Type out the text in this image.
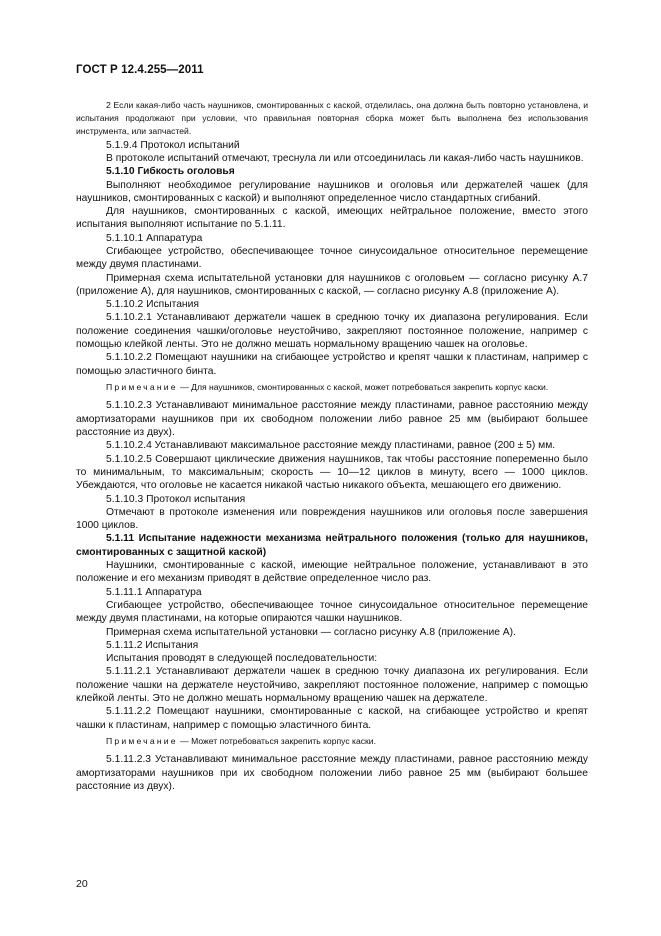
ГОСТ Р 12.4.255—2011

2 Если какая-либо часть наушников, смонтированных с каской, отделилась, она должна быть повторно установлена, и испытания продолжают при условии, что правильная повторная сборка может быть выполнена без использования инструмента, или запчастей.

5.1.9.4 Протокол испытаний

В протоколе испытаний отмечают, треснула ли или отсоединилась ли какая-либо часть наушников.

5.1.10 Гибкость оголовья

Выполняют необходимое регулирование наушников и оголовья или держателей чашек (для наушников, смонтированных с каской) и выполняют определенное число стандартных сгибаний.

Для наушников, смонтированных с каской, имеющих нейтральное положение, вместо этого испытания выполняют испытание по 5.1.11.

5.1.10.1 Аппаратура

Сгибающее устройство, обеспечивающее точное синусоидальное относительное перемещение между двумя пластинами.

Примерная схема испытательной установки для наушников с оголовьем — согласно рисунку А.7 (приложение А), для наушников, смонтированных с каской, — согласно рисунку А.8 (приложение А).

5.1.10.2 Испытания

5.1.10.2.1 Устанавливают держатели чашек в среднюю точку их диапазона регулирования. Если положение соединения чашки/оголовье неустойчиво, закрепляют постоянное положение, например с помощью клейкой ленты. Это не должно мешать нормальному вращению чашек на оголовье.

5.1.10.2.2 Помещают наушники на сгибающее устройство и крепят чашки к пластинам, например с помощью эластичного бинта.

Примечание — Для наушников, смонтированных с каской, может потребоваться закрепить корпус каски.

5.1.10.2.3 Устанавливают минимальное расстояние между пластинами, равное расстоянию между амортизаторами наушников при их свободном положении либо равное 25 мм (выбирают большее расстояние из двух).

5.1.10.2.4 Устанавливают максимальное расстояние между пластинами, равное (200 ± 5) мм.

5.1.10.2.5 Совершают циклические движения наушников, так чтобы расстояние попеременно было то минимальным, то максимальным; скорость — 10—12 циклов в минуту, всего — 1000 циклов. Убеждаются, что оголовье не касается никакой частью никакого объекта, мешающего его движению.

5.1.10.3 Протокол испытания

Отмечают в протоколе изменения или повреждения наушников или оголовья после завершения 1000 циклов.

5.1.11 Испытание надежности механизма нейтрального положения (только для наушников, смонтированных с защитной каской)

Наушники, смонтированные с каской, имеющие нейтральное положение, устанавливают в это положение и его механизм приводят в действие определенное число раз.

5.1.11.1 Аппаратура

Сгибающее устройство, обеспечивающее точное синусоидальное относительное перемещение между двумя пластинами, на которые опираются чашки наушников.

Примерная схема испытательной установки — согласно рисунку А.8 (приложение А).

5.1.11.2 Испытания

Испытания проводят в следующей последовательности:

5.1.11.2.1 Устанавливают держатели чашек в среднюю точку диапазона их регулирования. Если положение чашки на держателе неустойчиво, закрепляют постоянное положение, например с помощью клейкой ленты. Это не должно мешать нормальному вращению чашек на держателе.

5.1.11.2.2 Помещают наушники, смонтированные с каской, на сгибающее устройство и крепят чашки к пластинам, например с помощью эластичного бинта.

Примечание — Может потребоваться закрепить корпус каски.

5.1.11.2.3 Устанавливают минимальное расстояние между пластинами, равное расстоянию между амортизаторами наушников при их свободном положении либо равное 25 мм (выбирают большее расстояние из двух).

20
